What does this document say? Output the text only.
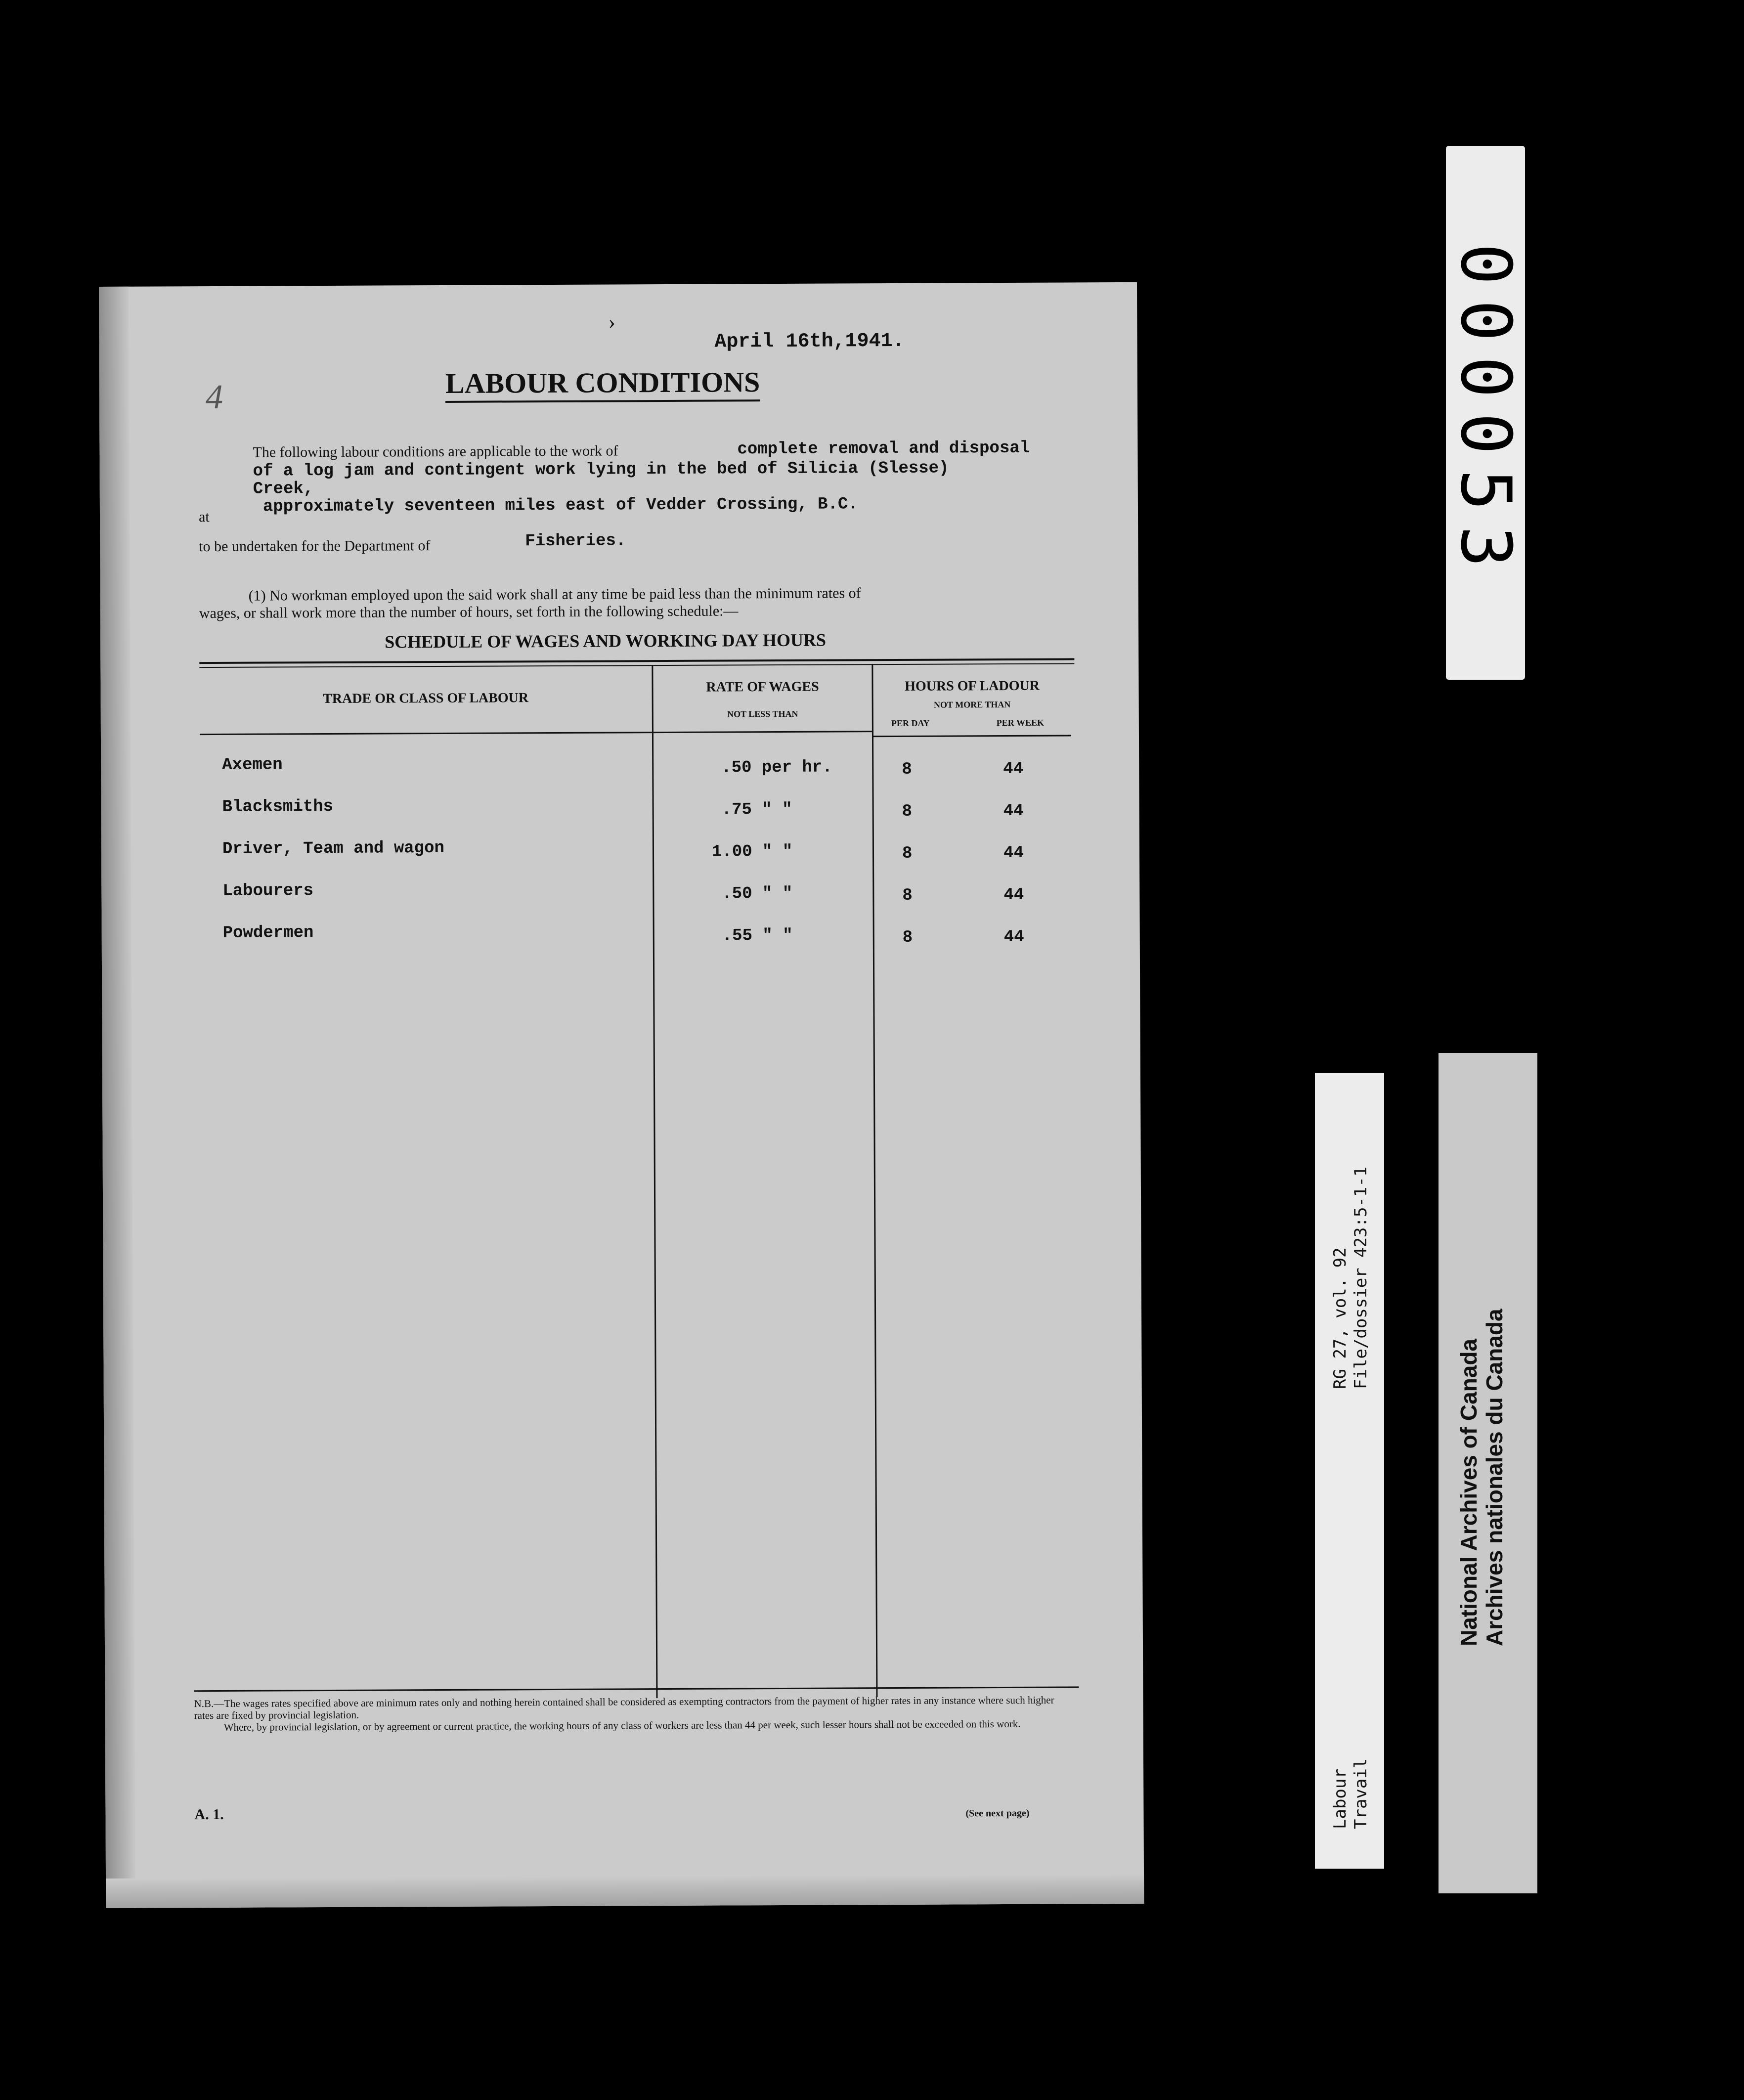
›
April 16th,1941.
4	LABOUR CONDITIONS
The following labour conditions are applicable to the work of	complete removal and disposal
of a log jam and contingent work lying in the bed of Silicia (Slesse)
Creek,
at
approximately seventeen miles east of Vedder Crossing, B.C.
to be undertaken for the Department of	Fisheries.
(1) No workman employed upon the said work shall at any time be paid less than the minimum rates of
wages, or shall work more than the number of hours, set forth in the following schedule:—
SCHEDULE OF WAGES AND WORKING DAY HOURS
TRADE OR CLASS OF LABOUR
RATE OF WAGES
NOT LESS THAN
HOURS OF LADOUR
NOT MORE THAN
PER DAY	PER WEEK
Axemen	.50 per hr.	8	44
Blacksmiths	.75 " "	8	44
Driver, Team and wagon	1.00 " "	8	44
Labourers	.50 " "	8	44
Powdermen	.55 " "	8	44
N.B.—The wages rates specified above are minimum rates only and nothing herein contained shall be considered as exempting contractors from the payment of higher rates in any instance where such higher rates are fixed by provincial legislation.
Where, by provincial legislation, or by agreement or current practice, the working hours of any class of workers are less than 44 per week, such lesser hours shall not be exceeded on this work.
A. 1.	(See next page)
000053
RG 27, vol. 92 File/dossier 423:5-1-1
Labour Travail
National Archives of Canada Archives nationales du Canada
